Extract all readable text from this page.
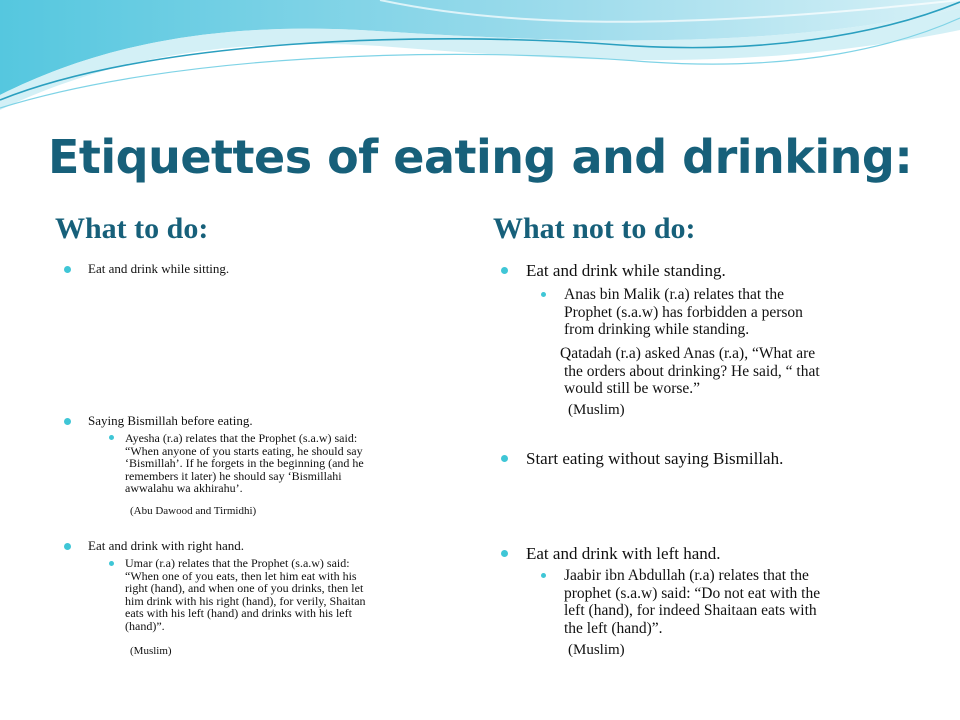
Etiquettes of eating and drinking:
What to do:	What not to do:
Eat and drink while sitting.
Saying Bismillah before eating.
Ayesha (r.a) relates that the Prophet (s.a.w) said:
“When anyone of you starts eating, he should say
‘Bismillah’. If he forgets in the beginning (and he
remembers it later) he should say ‘Bismillahi
awwalahu wa akhirahu’.
(Abu Dawood and Tirmidhi)
Eat and drink with right hand.
Umar (r.a) relates that the Prophet (s.a.w) said:
“When one of you eats, then let him eat with his
right (hand), and when one of you drinks, then let
him drink with his right (hand), for verily, Shaitan
eats with his left (hand) and drinks with his left
(hand)”.
(Muslim)
Eat and drink while standing.
Anas bin Malik (r.a) relates that the
Prophet (s.a.w) has forbidden a person
from drinking while standing.
Qatadah (r.a) asked Anas (r.a), “What are
the orders about drinking? He said, “ that
would still be worse.”
(Muslim)
Start eating without saying Bismillah.
Eat and drink with left hand.
Jaabir ibn Abdullah (r.a) relates that the
prophet (s.a.w) said: “Do not eat with the
left (hand), for indeed Shaitaan eats with
the left (hand)”.
(Muslim)
